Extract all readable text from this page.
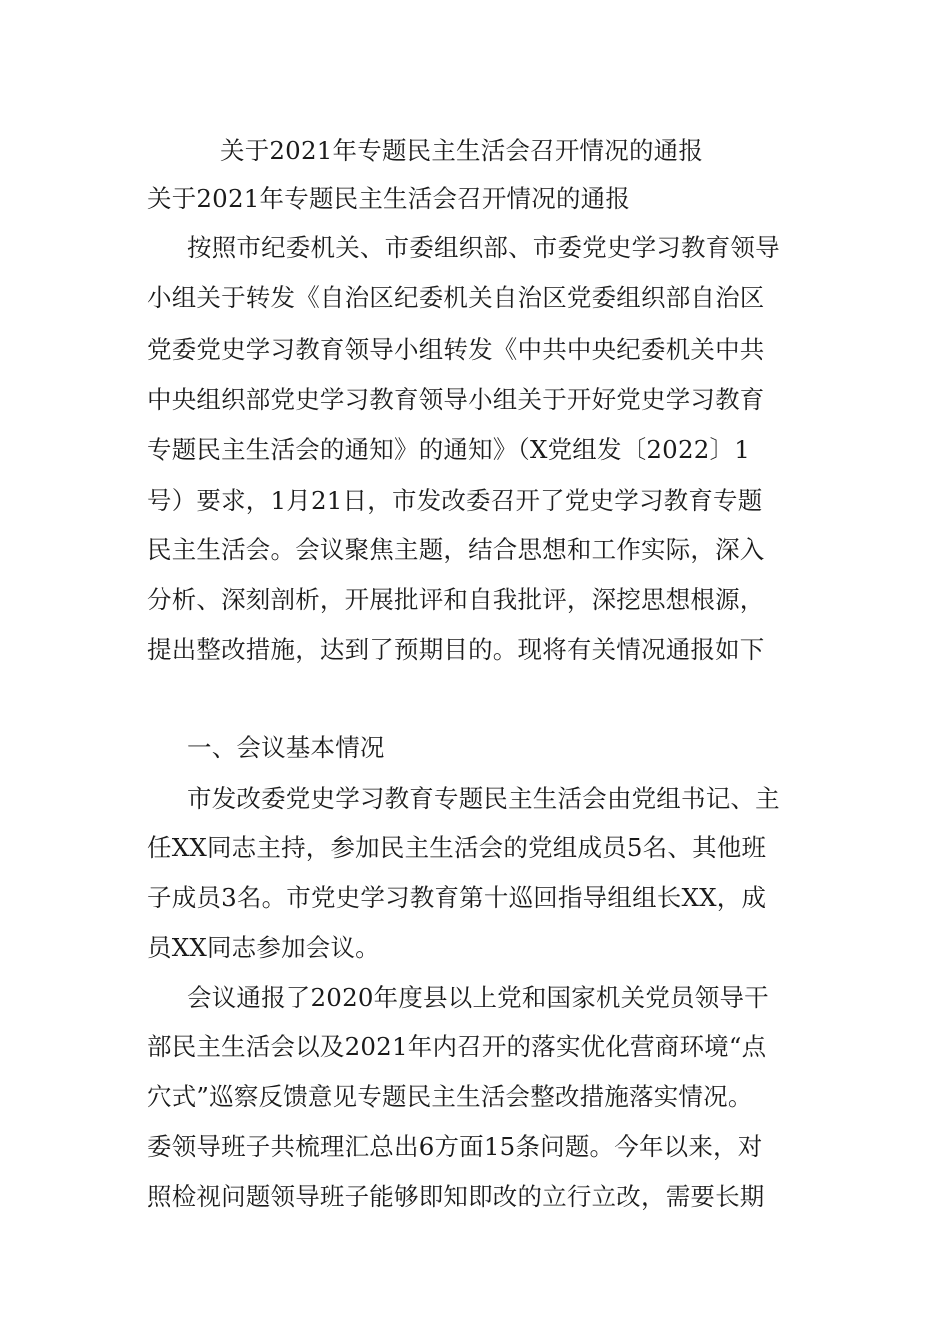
关于2021年专题民主生活会召开情况的通报
关于2021年专题民主生活会召开情况的通报
按照市纪委机关、市委组织部、市委党史学习教育领导
小组关于转发《自治区纪委机关自治区党委组织部自治区
党委党史学习教育领导小组转发《中共中央纪委机关中共
中央组织部党史学习教育领导小组关于开好党史学习教育
专题民主生活会的通知》的通知》（X党组发〔2022〕1
号）要求，1月21日，市发改委召开了党史学习教育专题
民主生活会。会议聚焦主题，结合思想和工作实际，深入
分析、深刻剖析，开展批评和自我批评，深挖思想根源，
提出整改措施，达到了预期目的。现将有关情况通报如下
一、会议基本情况
市发改委党史学习教育专题民主生活会由党组书记、主
任XX同志主持，参加民主生活会的党组成员5名、其他班
子成员3名。市党史学习教育第十巡回指导组组长XX，成
员XX同志参加会议。
会议通报了2020年度县以上党和国家机关党员领导干
部民主生活会以及2021年内召开的落实优化营商环境“点
穴式”巡察反馈意见专题民主生活会整改措施落实情况。
委领导班子共梳理汇总出6方面15条问题。今年以来，对
照检视问题领导班子能够即知即改的立行立改，需要长期
